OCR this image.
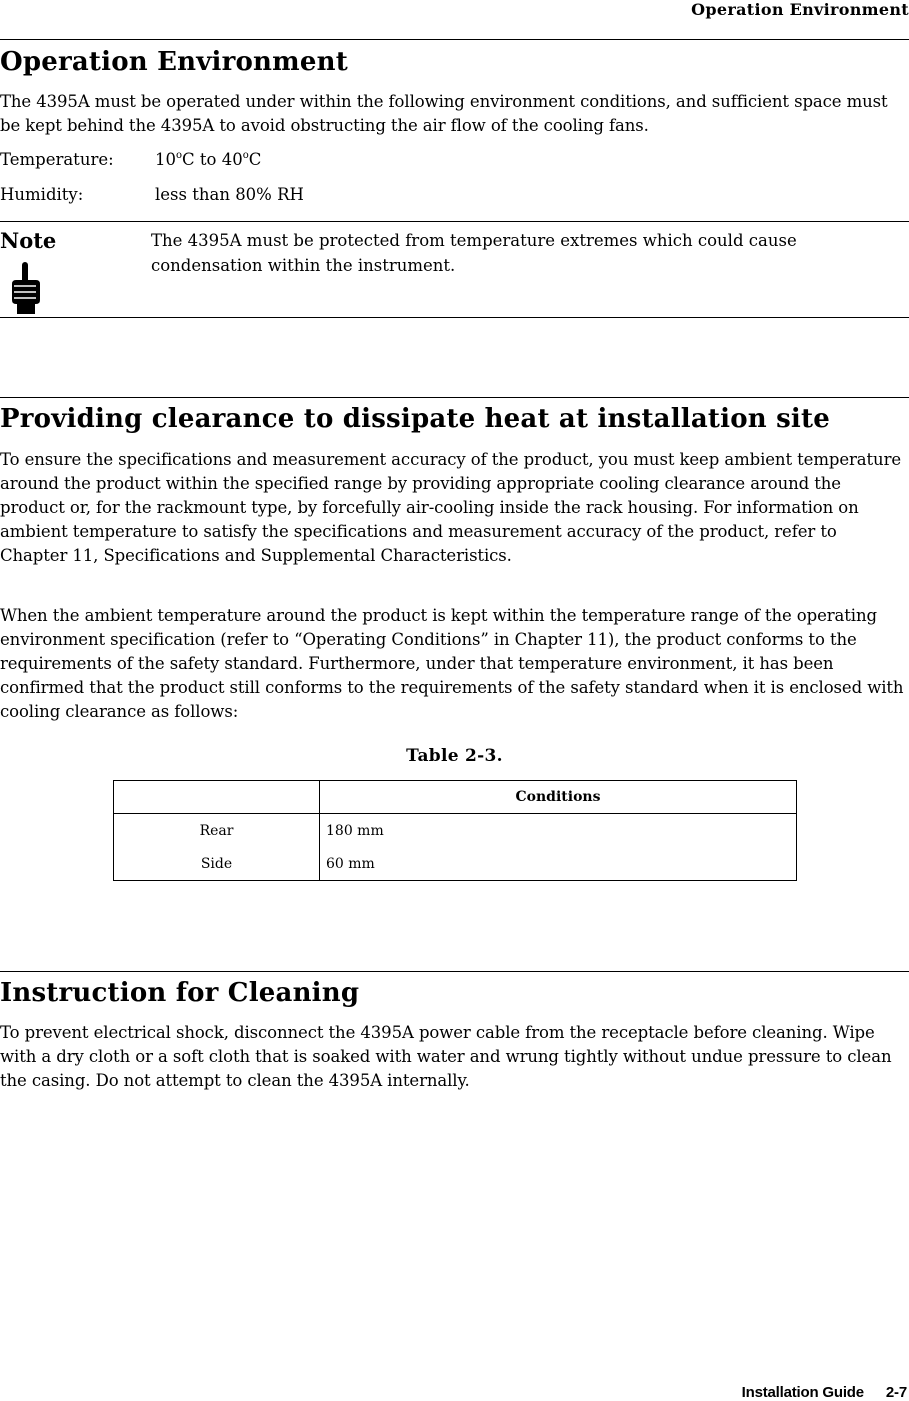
Operation Environment
Operation Environment

The 4395A must be operated under within the following environment conditions, and sufficient space must be kept behind the 4395A to avoid obstructing the air flow of the cooling fans.

Temperature:	10$^o$C to 40$^o$C
Humidity:	less than 80% RH
Note	The 4395A must be protected from temperature extremes which could cause condensation within the instrument.

Providing clearance to dissipate heat at installation site

To ensure the specifications and measurement accuracy of the product, you must keep ambient temperature around the product within the specified range by providing appropriate cooling clearance around the product or, for the rackmount type, by forcefully air-cooling inside the rack housing. For information on ambient temperature to satisfy the specifications and measurement accuracy of the product, refer to Chapter 11, Specifications and Supplemental Characteristics.

When the ambient temperature around the product is kept within the temperature range of the operating environment specification (refer to “Operating Conditions” in Chapter 11), the product conforms to the requirements of the safety standard. Furthermore, under that temperature environment, it has been confirmed that the product still conforms to the requirements of the safety standard when it is enclosed with cooling clearance as follows:

Table 2-3.
	Conditions
Rear	180 mm
Side	60 mm
Instruction for Cleaning

To prevent electrical shock, disconnect the 4395A power cable from the receptacle before cleaning. Wipe with a dry cloth or a soft cloth that is soaked with water and wrung tightly without undue pressure to clean the casing. Do not attempt to clean the 4395A internally.

Installation Guide 2-7
